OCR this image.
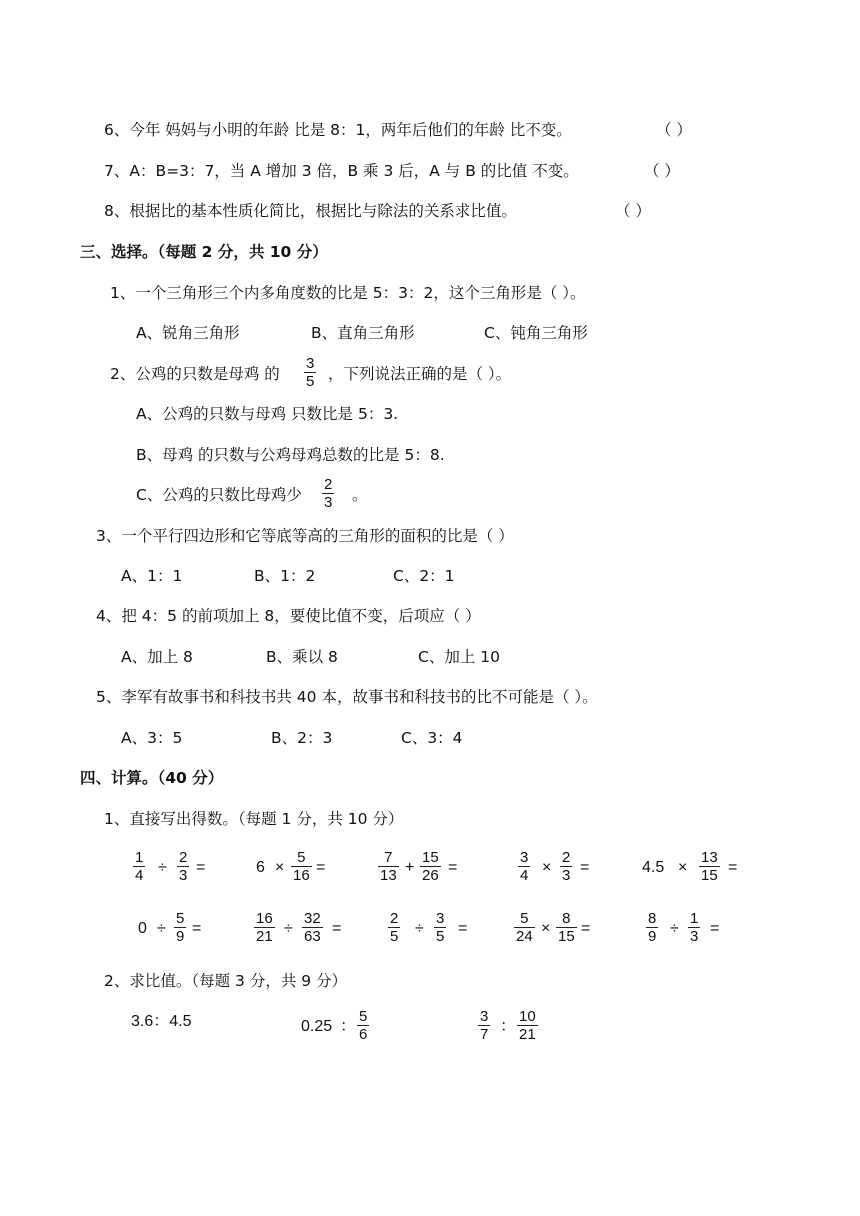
6、今年 妈妈与小明的年龄 比是 8：1，两年后他们的年龄 比不变。	（ ）
7、A：B=3：7，当 A 增加 3 倍，B 乘 3 后，A 与 B 的比值 不变。	（ ）
8、根据比的基本性质化简比，根据比与除法的关系求比值。	（ ）
三、选择。（每题 2 分，共 10 分）
1、一个三角形三个内多角度数的比是 5：3：2，这个三角形是（ ）。
A、锐角三角形	B、直角三角形	C、钝角三角形
2、公鸡的只数是母鸡 的 $\frac{3}{5}$ ，下列说法正确的是（ ）。
A、公鸡的只数与母鸡 只数比是 5：3.
B、母鸡 的只数与公鸡母鸡总数的比是 5：8.
C、公鸡的只数比母鸡少 $\frac{2}{3}$ 。
3、一个平行四边形和它等底等高的三角形的面积的比是（ ）
A、1：1	B、1：2	C、2：1
4、把 4：5 的前项加上 8，要使比值不变，后项应（ ）
A、加上 8	B、乘以 8	C、加上 10
5、李军有故事书和科技书共 40 本，故事书和科技书的比不可能是（ ）。
A、3：5	B、2：3	C、3：4
四、计算。（40 分）
1、直接写出得数。（每题 1 分，共 10 分）
$\frac{1}{4} \div \frac{2}{3}$ =	$6 \times \frac{5}{16}$ =	$\frac{7}{13} + \frac{15}{26}$ =	$\frac{3}{4} \times \frac{2}{3}$ =	$4.5 \times \frac{13}{15}$ =
$0 \div \frac{5}{9}$ =	$\frac{16}{21} \div \frac{32}{63}$ =	$\frac{2}{5} \div \frac{3}{5}$ =	$\frac{5}{24} \times \frac{8}{15}$ =	$\frac{8}{9} \div \frac{1}{3}$ =
2、求比值。（每题 3 分，共 9 分）
3.6：4.5	0.25 ： $\frac{5}{6}$	$\frac{3}{7}$ ： $\frac{10}{21}$
